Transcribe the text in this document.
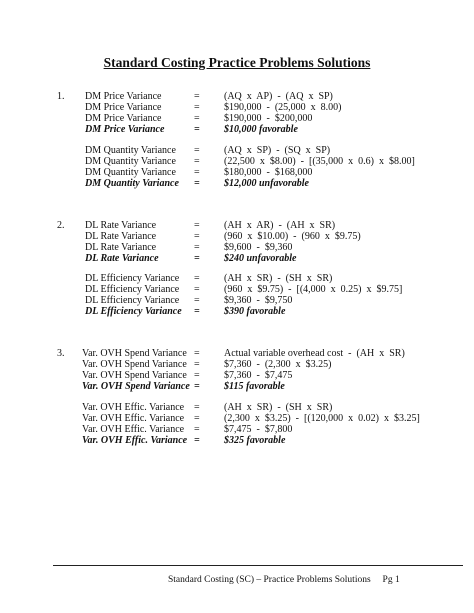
Standard Costing Practice Problems Solutions
1. DM Price Variance	= (AQ  x  AP)  -  (AQ  x  SP)
DM Price Variance	= $190,000  -  (25,000  x  8.00)
DM Price Variance	= $190,000  -  $200,000
DM Price Variance	= $10,000 favorable
DM Quantity Variance = (AQ  x  SP)  -  (SQ  x  SP)
DM Quantity Variance = (22,500  x  $8.00)  -  [(35,000  x  0.6)  x  $8.00]
DM Quantity Variance = $180,000  -  $168,000
DM Quantity Variance = $12,000 unfavorable
2. DL Rate Variance	= (AH  x  AR)  -  (AH  x  SR)
DL Rate Variance	= (960  x  $10.00)  -  (960  x  $9.75)
DL Rate Variance	= $9,600  -  $9,360
DL Rate Variance	= $240 unfavorable
DL Efficiency Variance = (AH  x  SR)  -  (SH  x  SR)
DL Efficiency Variance = (960  x  $9.75)  -  [(4,000  x  0.25)  x  $9.75]
DL Efficiency Variance = $9,360  -  $9,750
DL Efficiency Variance = $390 favorable
3. Var. OVH Spend Variance = Actual variable overhead cost  -  (AH  x  SR)
Var. OVH Spend Variance = $7,360  -  (2,300  x  $3.25)
Var. OVH Spend Variance = $7,360  -  $7,475
Var. OVH Spend Variance = $115 favorable
Var. OVH Effic. Variance = (AH  x  SR)  -  (SH  x  SR)
Var. OVH Effic. Variance = (2,300  x  $3.25)  -  [(120,000  x  0.02)  x  $3.25]
Var. OVH Effic. Variance = $7,475  -  $7,800
Var. OVH Effic. Variance = $325 favorable
Standard Costing (SC) – Practice Problems Solutions     Pg 1
